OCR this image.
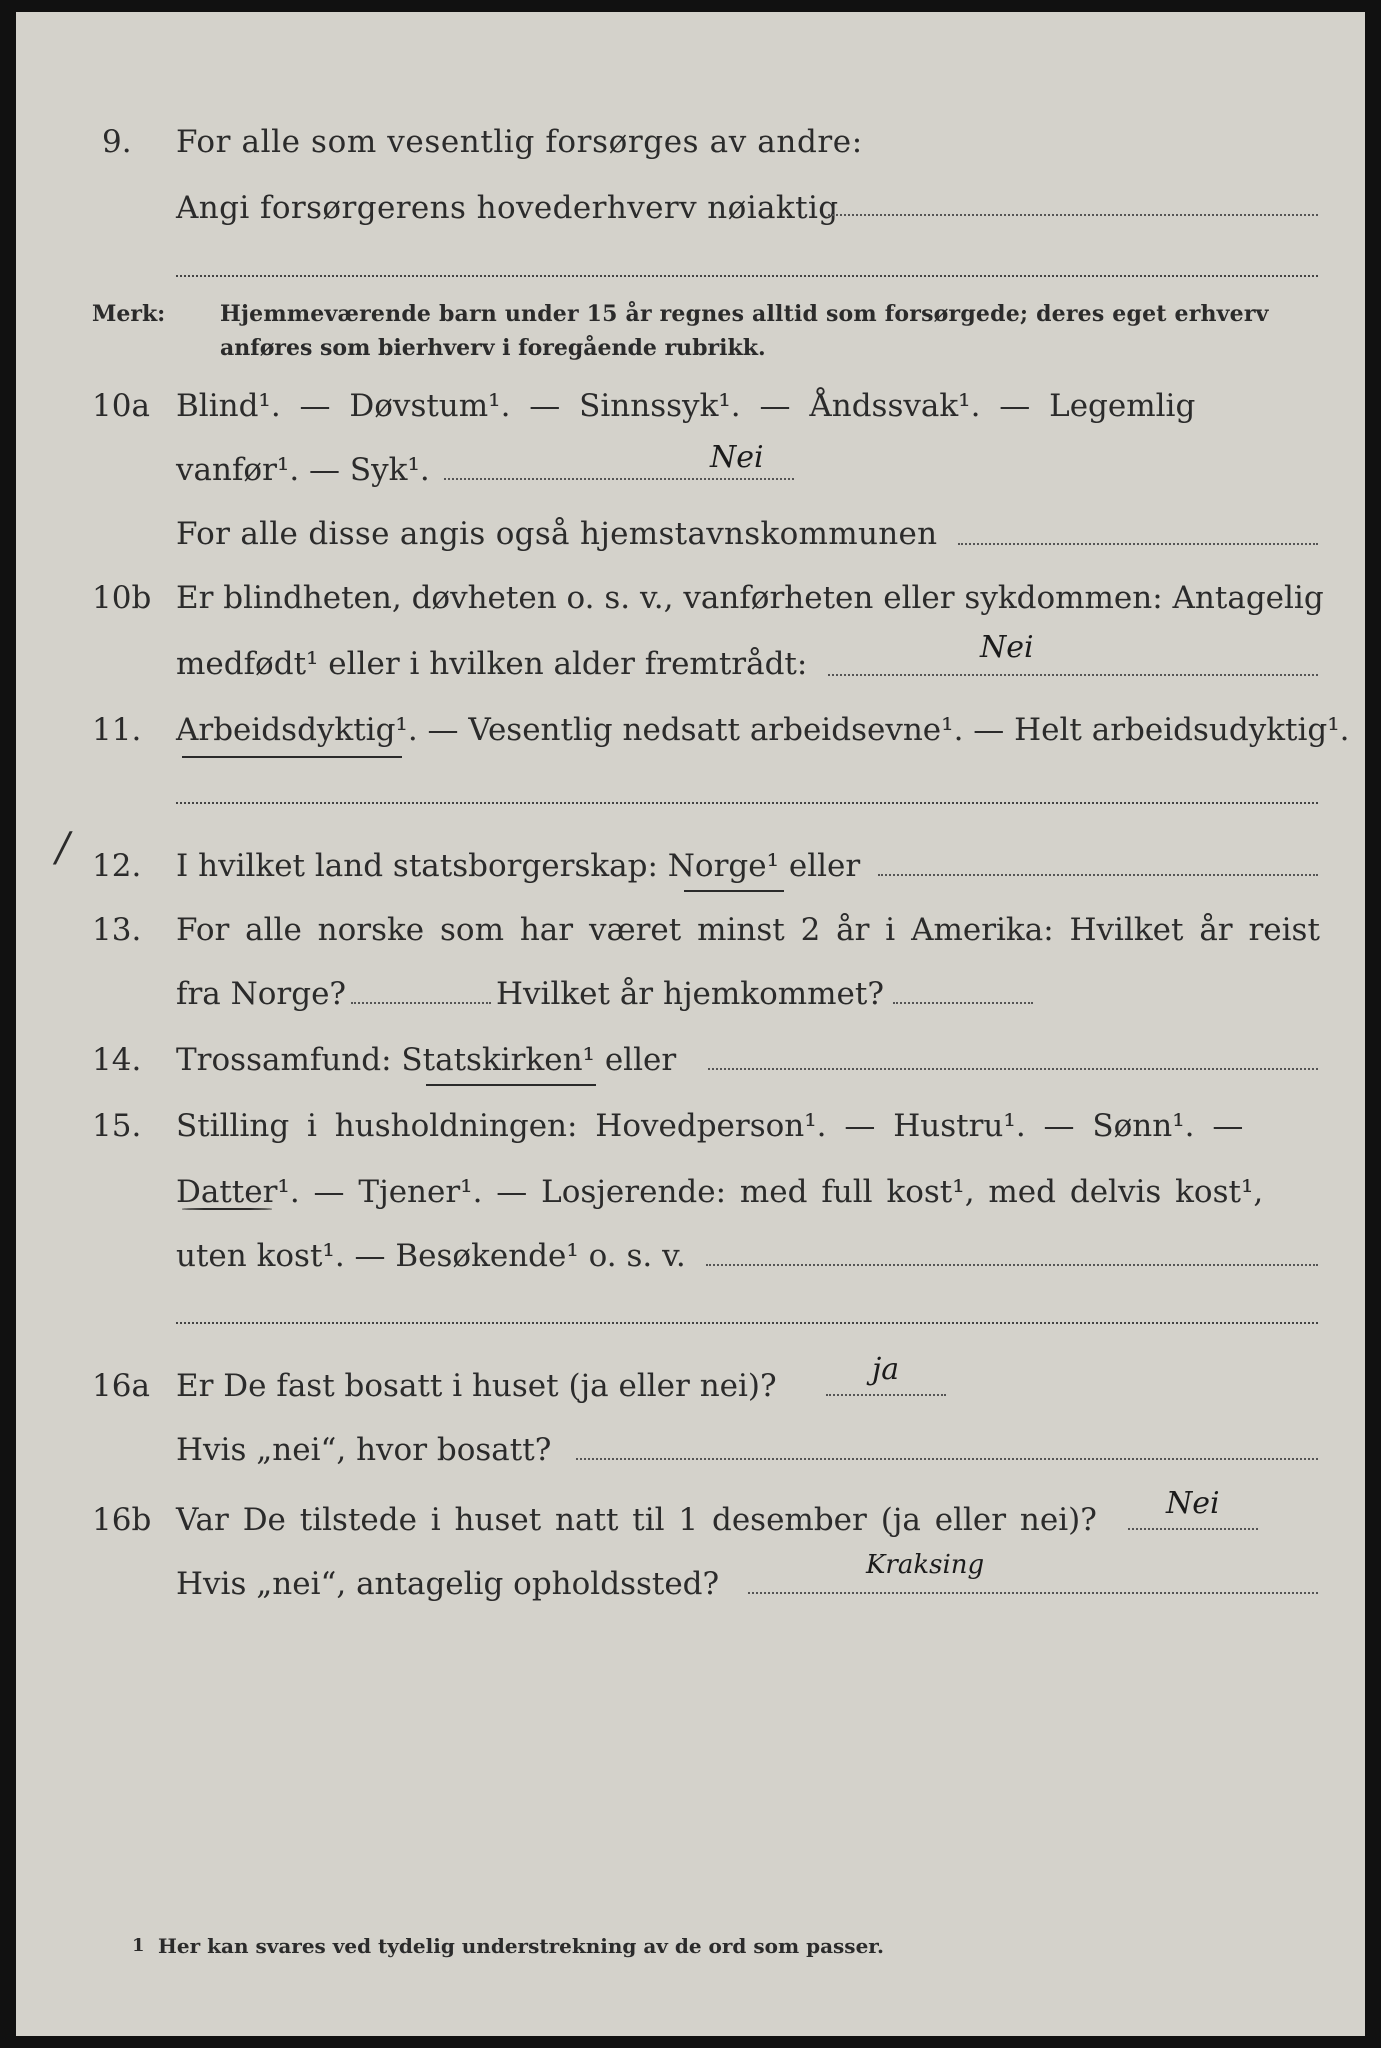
9. For alle som vesentlig forsørges av andre:
Angi forsørgerens hovederhverv nøiaktig
Merk: Hjemmeværende barn under 15 år regnes alltid som forsørgede; deres eget erhverv
anføres som bierhverv i foregående rubrikk.
10a Blind¹. — Døvstum¹. — Sinnssyk¹. — Åndssvak¹. — Legemlig
vanfør¹. — Syk¹.	Nei
For alle disse angis også hjemstavnskommunen
10b Er blindheten, døvheten o. s. v., vanførheten eller sykdommen: Antagelig
medfødt¹ eller i hvilken alder fremtrådt:	Nei
11. Arbeidsdyktig¹. — Vesentlig nedsatt arbeidsevne¹. — Helt arbeidsudyktig¹.
/ 12. I hvilket land statsborgerskap: Norge¹ eller
13. For alle norske som har været minst 2 år i Amerika: Hvilket år reist
fra Norge?	Hvilket år hjemkommet?
14. Trossamfund: Statskirken¹ eller
15. Stilling i husholdningen: Hovedperson¹. — Hustru¹. — Sønn¹. —
Datter¹. — Tjener¹. — Losjerende: med full kost¹, med delvis kost¹,
uten kost¹. — Besøkende¹ o. s. v.
16a Er De fast bosatt i huset (ja eller nei)?	ja
Hvis „nei“, hvor bosatt?
16b Var De tilstede i huset natt til 1 desember (ja eller nei)? Nei
Hvis „nei“, antagelig opholdssted?
Kraksing
1 Her kan svares ved tydelig understrekning av de ord som passer.
